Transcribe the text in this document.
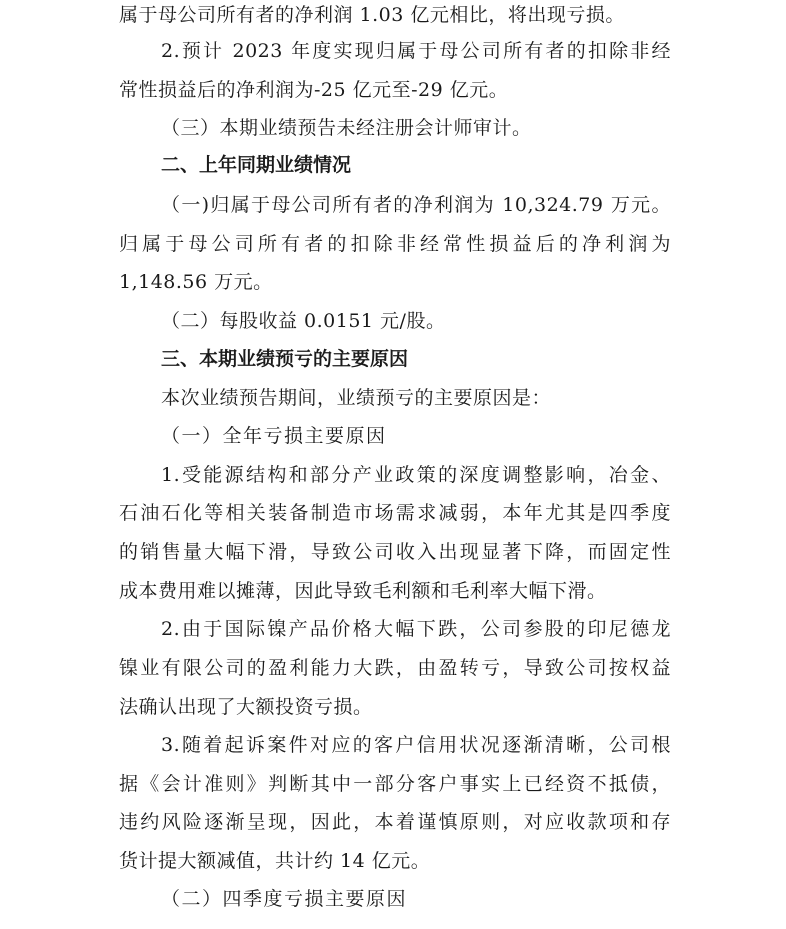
属于母公司所有者的净利润 1.03 亿元相比，将出现亏损。
2.预计 2023 年度实现归属于母公司所有者的扣除非经
常性损益后的净利润为-25 亿元至-29 亿元。
（三）本期业绩预告未经注册会计师审计。
二、上年同期业绩情况
（一)归属于母公司所有者的净利润为 10,324.79 万元。
归属于母公司所有者的扣除非经常性损益后的净利润为
1,148.56 万元。
（二）每股收益 0.0151 元/股。
三、本期业绩预亏的主要原因
本次业绩预告期间，业绩预亏的主要原因是：
（一）全年亏损主要原因
1.受能源结构和部分产业政策的深度调整影响，冶金、
石油石化等相关装备制造市场需求减弱，本年尤其是四季度
的销售量大幅下滑，导致公司收入出现显著下降，而固定性
成本费用难以摊薄，因此导致毛利额和毛利率大幅下滑。
2.由于国际镍产品价格大幅下跌，公司参股的印尼德龙
镍业有限公司的盈利能力大跌，由盈转亏，导致公司按权益
法确认出现了大额投资亏损。
3.随着起诉案件对应的客户信用状况逐渐清晰，公司根
据《会计准则》判断其中一部分客户事实上已经资不抵债，
违约风险逐渐呈现，因此，本着谨慎原则，对应收款项和存
货计提大额减值，共计约 14 亿元。
（二）四季度亏损主要原因
